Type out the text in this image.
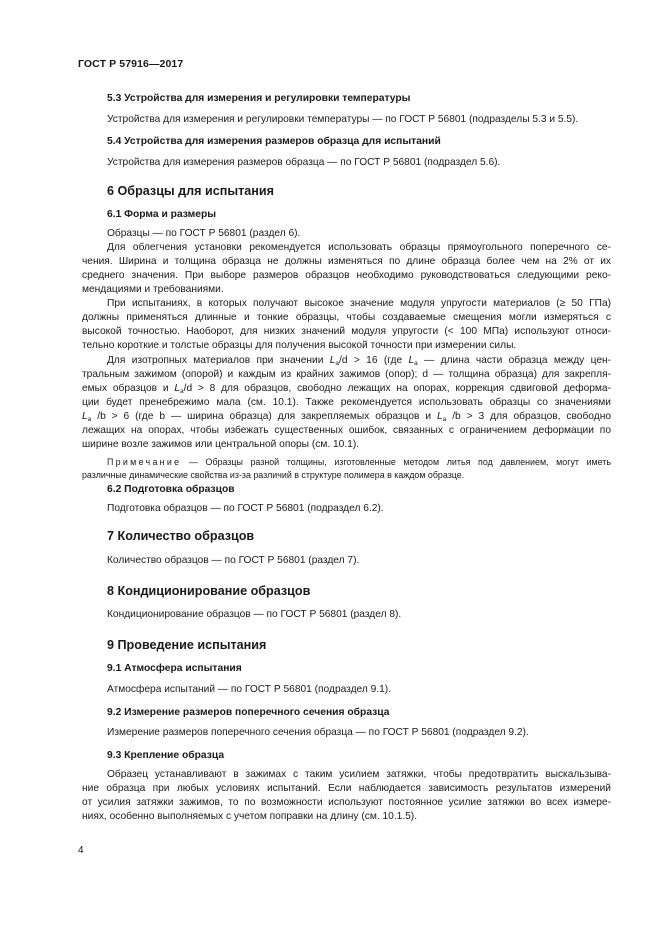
ГОСТ Р 57916—2017
5.3 Устройства для измерения и регулировки температуры
Устройства для измерения и регулировки температуры — по ГОСТ Р 56801 (подразделы 5.3 и 5.5).
5.4 Устройства для измерения размеров образца для испытаний
Устройства для измерения размеров образца — по ГОСТ Р 56801 (подраздел 5.6).
6 Образцы для испытания
6.1 Форма и размеры
Образцы — по ГОСТ Р 56801 (раздел 6).
Для облегчения установки рекомендуется использовать образцы прямоугольного поперечного се-
чения. Ширина и толщина образца не должны изменяться по длине образца более чем на 2% от их
среднего значения. При выборе размеров образцов необходимо руководствоваться следующими реко-
мендациями и требованиями.
При испытаниях, в которых получают высокое значение модуля упругости материалов (≥ 50 ГПа)
должны применяться длинные и тонкие образцы, чтобы создаваемые смещения могли измеряться с
высокой точностью. Наоборот, для низких значений модуля упругости (< 100 МПа) используют относи-
тельно короткие и толстые образцы для получения высокой точности при измерении силы.
Для изотропных материалов при значении $L_a/d > 16$ (где $L_a$ — длина части образца между цен-
тральным зажимом (опорой) и каждым из крайних зажимов (опор); d — толщина образца) для закрепля-
емых образцов и $L_a/d > 8$ для образцов, свободно лежащих на опорах, коррекция сдвиговой деформа-
ции будет пренебрежимо мала (см. 10.1). Также рекомендуется использовать образцы со значениями
$L_a$ /b > 6 (где b — ширина образца) для закрепляемых образцов и $L_a$ /b > 3 для образцов, свободно
лежащих на опорах, чтобы избежать существенных ошибок, связанных с ограничением деформации по
ширине возле зажимов или центральной опоры (см. 10.1).
Примечание — Образцы разной толщины, изготовленные методом литья под давлением, могут иметь
различные динамические свойства из-за различий в структуре полимера в каждом образце.
6.2 Подготовка образцов
Подготовка образцов — по ГОСТ Р 56801 (подраздел 6.2).
7 Количество образцов
Количество образцов — по ГОСТ Р 56801 (раздел 7).
8 Кондиционирование образцов
Кондиционирование образцов — по ГОСТ Р 56801 (раздел 8).
9 Проведение испытания
9.1 Атмосфера испытания
Атмосфера испытаний — по ГОСТ Р 56801 (подраздел 9.1).
9.2 Измерение размеров поперечного сечения образца
Измерение размеров поперечного сечения образца — по ГОСТ Р 56801 (подраздел 9.2).
9.3 Крепление образца
Образец устанавливают в зажимах с таким усилием затяжки, чтобы предотвратить выскальзыва-
ние образца при любых условиях испытаний. Если наблюдается зависимость результатов измерений
от усилия затяжки зажимов, то по возможности используют постоянное усилие затяжки во всех измере-
ниях, особенно выполняемых с учетом поправки на длину (см. 10.1.5).
4
